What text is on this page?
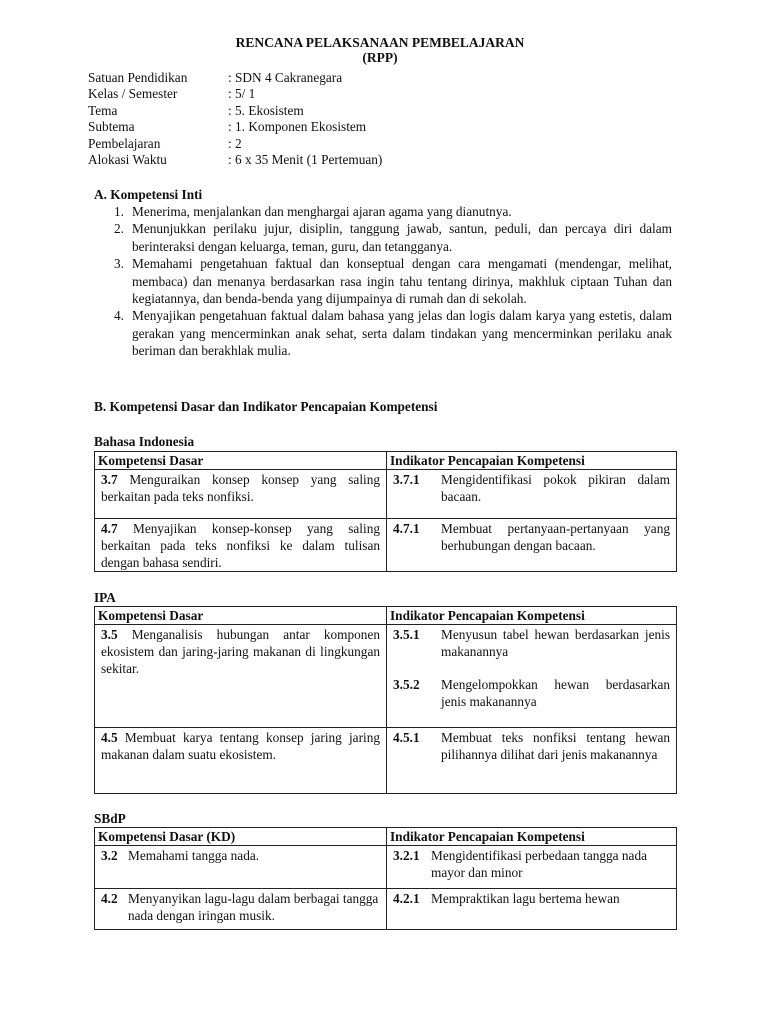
RENCANA PELAKSANAAN PEMBELAJARAN
(RPP)
Satuan Pendidikan	: SDN 4 Cakranegara
Kelas / Semester	: 5/ 1
Tema	: 5. Ekosistem
Subtema	: 1. Komponen Ekosistem
Pembelajaran	: 2
Alokasi Waktu	: 6 x 35 Menit (1 Pertemuan)
A. Kompetensi Inti
1. Menerima, menjalankan dan menghargai ajaran agama yang dianutnya.
2. Menunjukkan perilaku jujur, disiplin, tanggung jawab, santun, peduli, dan percaya diri dalam berinteraksi dengan keluarga, teman, guru, dan tetangganya.
3. Memahami pengetahuan faktual dan konseptual dengan cara mengamati (mendengar, melihat, membaca) dan menanya berdasarkan rasa ingin tahu tentang dirinya, makhluk ciptaan Tuhan dan kegiatannya, dan benda-benda yang dijumpainya di rumah dan di sekolah.
4. Menyajikan pengetahuan faktual dalam bahasa yang jelas dan logis dalam karya yang estetis, dalam gerakan yang mencerminkan anak sehat, serta dalam tindakan yang mencerminkan perilaku anak beriman dan berakhlak mulia.
B. Kompetensi Dasar dan Indikator Pencapaian Kompetensi
Bahasa Indonesia
Kompetensi Dasar	Indikator Pencapaian Kompetensi

3.7 Menguraikan konsep konsep yang saling berkaitan pada teks nonfiksi.	3.7.1 Mengidentifikasi pokok pikiran dalam bacaan.

4.7 Menyajikan konsep-konsep yang saling berkaitan pada teks nonfiksi ke dalam tulisan dengan bahasa sendiri.	4.7.1 Membuat pertanyaan-pertanyaan yang berhubungan dengan bacaan.
IPA
Kompetensi Dasar	Indikator Pencapaian Kompetensi

3.5 Menganalisis hubungan antar komponen ekosistem dan jaring-jaring makanan di lingkungan sekitar.	3.5.1 Menyusun tabel hewan berdasarkan jenis makanannya
3.5.2 Mengelompokkan hewan berdasarkan jenis makanannya

4.5 Membuat karya tentang konsep jaring jaring makanan dalam suatu ekosistem.	4.5.1 Membuat teks nonfiksi tentang hewan pilihannya dilihat dari jenis makanannya
SBdP
Kompetensi Dasar (KD)	Indikator Pencapaian Kompetensi

3.2 Memahami tangga nada.	3.2.1 Mengidentifikasi perbedaan tangga nada mayor dan minor

4.2 Menyanyikan lagu-lagu dalam berbagai tangga nada dengan iringan musik.	4.2.1 Mempraktikan lagu bertema hewan
